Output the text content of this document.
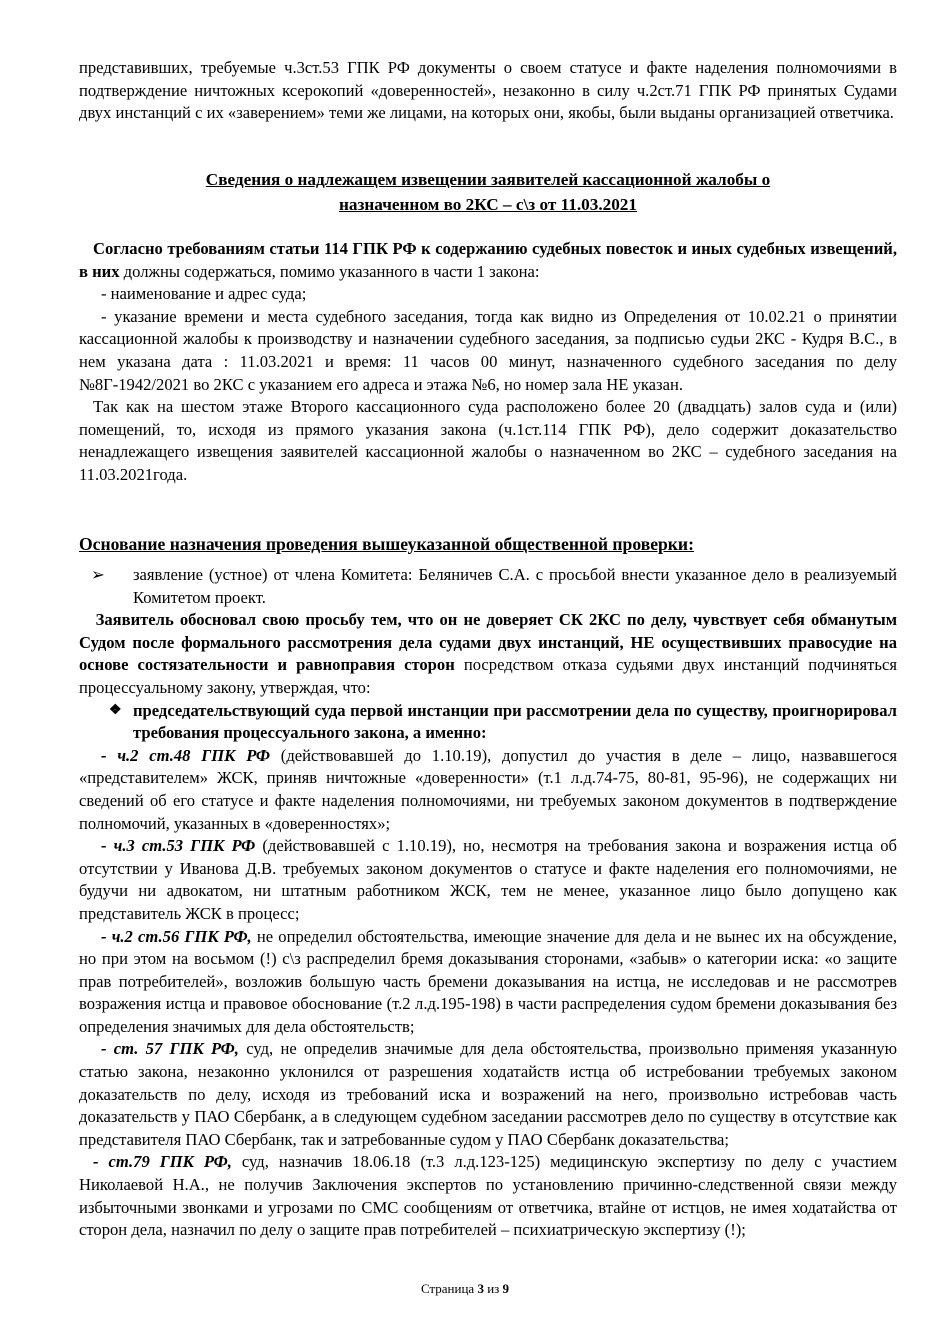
представивших, требуемые ч.3ст.53 ГПК РФ документы о своем статусе и факте наделения полномочиями в подтверждение ничтожных ксерокопий «доверенностей», незаконно в силу ч.2ст.71 ГПК РФ принятых Судами двух инстанций с их «заверением» теми же лицами, на которых они, якобы, были выданы организацией ответчика.

Сведения о надлежащем извещении заявителей кассационной жалобы о
назначенном во 2КС – с\з от 11.03.2021

Согласно требованиям статьи 114 ГПК РФ к содержанию судебных повесток и иных судебных извещений, в них должны содержаться, помимо указанного в части 1 закона:

- наименование и адрес суда;

- указание времени и места судебного заседания, тогда как видно из Определения от 10.02.21 о принятии кассационной жалобы к производству и назначении судебного заседания, за подписью судьи 2КС - Кудря В.С., в нем указана дата : 11.03.2021 и время: 11 часов 00 минут, назначенного судебного заседания по делу №8Г-1942/2021 во 2КС с указанием его адреса и этажа №6, но номер зала НЕ указан.

Так как на шестом этаже Второго кассационного суда расположено более 20 (двадцать) залов суда и (или) помещений, то, исходя из прямого указания закона (ч.1ст.114 ГПК РФ), дело содержит доказательство ненадлежащего извещения заявителей кассационной жалобы о назначенном во 2КС – судебного заседания на 11.03.2021года.

Основание назначения проведения вышеуказанной общественной проверки:
➢	заявление (устное) от члена Комитета: Беляничев С.А. с просьбой внести указанное дело в реализуемый Комитетом проект.

 Заявитель обосновал свою просьбу тем, что он не доверяет СК 2КС по делу, чувствует себя обманутым Судом после формального рассмотрения дела судами двух инстанций, НЕ осуществившиx правосудие на основе состязательности и равноправия сторон посредством отказа судьями двух инстанций подчиняться процессуальному закону, утверждая, что:

❖ председательствующий суда первой инстанции при рассмотрении дела по существу, проигнорировал требования процессуального закона, а именно:

- ч.2 ст.48 ГПК РФ (действовавшей до 1.10.19), допустил до участия в деле – лицо, назвавшегося «представителем» ЖСК, приняв ничтожные «доверенности» (т.1 л.д.74-75, 80-81, 95-96), не содержащих ни сведений об его статусе и факте наделения полномочиями, ни требуемых законом документов в подтверждение полномочий, указанных в «доверенностях»;

- ч.3 ст.53 ГПК РФ (действовавшей с 1.10.19), но, несмотря на требования закона и возражения истца об отсутствии у Иванова Д.В. требуемых законом документов о статусе и факте наделения его полномочиями, не будучи ни адвокатом, ни штатным работником ЖСК, тем не менее, указанное лицо было допущено как представитель ЖСК в процесс;

- ч.2 ст.56 ГПК РФ, не определил обстоятельства, имеющие значение для дела и не вынес их на обсуждение, но при этом на восьмом (!) с\з распределил бремя доказывания сторонами, «забыв» о категории иска: «о защите прав потребителей», возложив большую часть бремени доказывания на истца, не исследовав и не рассмотрев возражения истца и правовое обоснование (т.2 л.д.195-198) в части распределения судом бремени доказывания без определения значимых для дела обстоятельств;

- ст. 57 ГПК РФ, суд, не определив значимые для дела обстоятельства, произвольно применяя указанную статью закона, незаконно уклонился от разрешения ходатайств истца об истребовании требуемых законом доказательств по делу, исходя из требований иска и возражений на него, произвольно истребовав часть доказательств у ПАО Сбербанк, а в следующем судебном заседании рассмотрев дело по существу в отсутствие как представителя ПАО Сбербанк, так и затребованные судом у ПАО Сбербанк доказательства;

- ст.79 ГПК РФ, суд, назначив 18.06.18 (т.3 л.д.123-125) медицинскую экспертизу по делу с участием Николаевой Н.А., не получив Заключения экспертов по установлению причинно-следственной связи между избыточными звонками и угрозами по СМС сообщениям от ответчика, втайне от истцов, не имея ходатайства от сторон дела, назначил по делу о защите прав потребителей – психиатрическую экспертизу (!);

Страница 3 из 9
